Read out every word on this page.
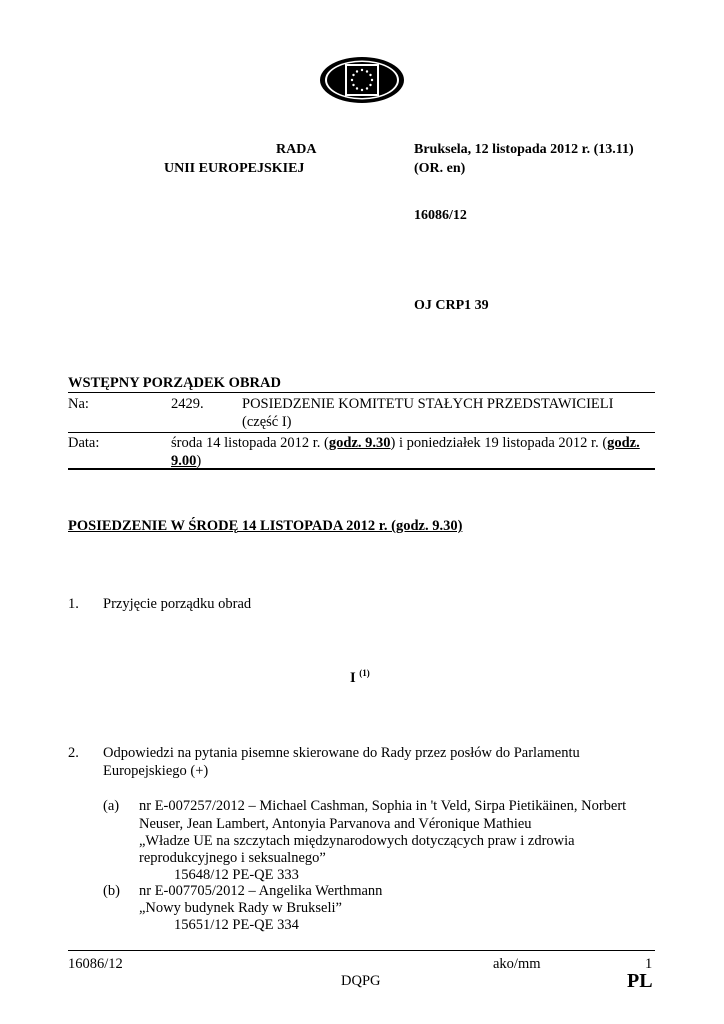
RADA
UNII EUROPEJSKIEJ
Bruksela, 12 listopada 2012 r. (13.11)
(OR. en)
16086/12
OJ CRP1 39
WSTĘPNY PORZĄDEK OBRAD
Na:	2429.	POSIEDZENIE KOMITETU STAŁYCH PRZEDSTAWICIELI
(część I)
Data:	środa 14 listopada 2012 r. (godz. 9.30) i poniedziałek 19 listopada 2012 r. (godz.
9.00)
POSIEDZENIE W ŚRODĘ 14 LISTOPADA 2012 r. (godz. 9.30)
1. Przyjęcie porządku obrad
I $^{(1)}$
2. Odpowiedzi na pytania pisemne skierowane do Rady przez posłów do Parlamentu
Europejskiego (+)
(a) nr E-007257/2012 – Michael Cashman, Sophia in 't Veld, Sirpa Pietikäinen, Norbert
Neuser, Jean Lambert, Antonyia Parvanova and Véronique Mathieu
„Władze UE na szczytach międzynarodowych dotyczących praw i zdrowia
reprodukcyjnego i seksualnego”
15648/12 PE-QE 333
(b) nr E-007705/2012 – Angelika Werthmann
„Nowy budynek Rady w Brukseli”
15651/12 PE-QE 334
16086/12	ako/mm	1
DQPG	PL
